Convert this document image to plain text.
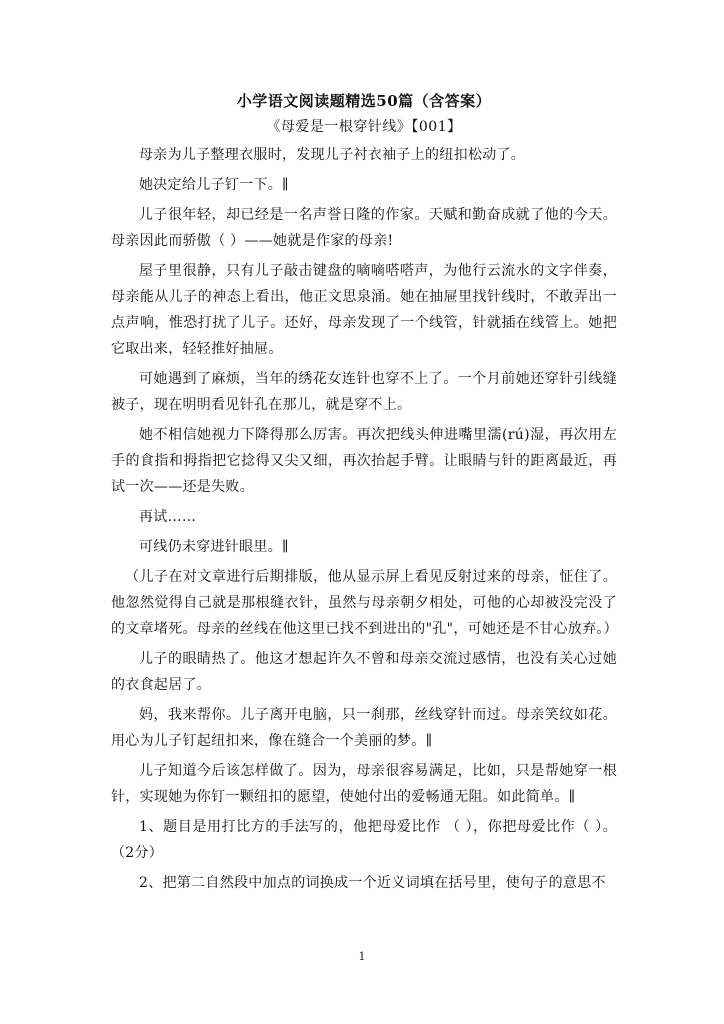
小学语文阅读题精选50篇（含答案）
《母爱是一根穿针线》【001】

母亲为儿子整理衣服时，发现儿子衬衣袖子上的纽扣松动了。

她决定给儿子钉一下。∥

儿子很年轻，却已经是一名声誉日隆的作家。天赋和勤奋成就了他的今天。母亲因此而骄傲（ ）——她就是作家的母亲!

屋子里很静，只有儿子敲击键盘的嘀嘀嗒嗒声，为他行云流水的文字伴奏，母亲能从儿子的神态上看出，他正文思泉涌。她在抽屉里找针线时，不敢弄出一点声响，惟恐打扰了儿子。还好，母亲发现了一个线管，针就插在线管上。她把它取出来，轻轻推好抽屉。

可她遇到了麻烦，当年的绣花女连针也穿不上了。一个月前她还穿针引线缝被子，现在明明看见针孔在那儿，就是穿不上。

她不相信她视力下降得那么厉害。再次把线头伸进嘴里濡(rú)湿，再次用左手的食指和拇指把它捻得又尖又细，再次抬起手臂。让眼睛与针的距离最近，再试一次——还是失败。

再试……

可线仍未穿进针眼里。∥

（儿子在对文章进行后期排版，他从显示屏上看见反射过来的母亲，怔住了。他忽然觉得自己就是那根缝衣针，虽然与母亲朝夕相处，可他的心却被没完没了的文章堵死。母亲的丝线在他这里已找不到进出的"孔"，可她还是不甘心放弃。）

儿子的眼睛热了。他这才想起许久不曾和母亲交流过感情，也没有关心过她的衣食起居了。

妈，我来帮你。儿子离开电脑，只一刹那，丝线穿针而过。母亲笑纹如花。用心为儿子钉起纽扣来，像在缝合一个美丽的梦。∥

儿子知道今后该怎样做了。因为，母亲很容易满足，比如，只是帮她穿一根针，实现她为你钉一颗纽扣的愿望，使她付出的爱畅通无阻。如此简单。∥

1、题目是用打比方的手法写的，他把母爱比作 （ ），你把母爱比作（ ）。（2分）

2、把第二自然段中加点的词换成一个近义词填在括号里，使句子的意思不

1
